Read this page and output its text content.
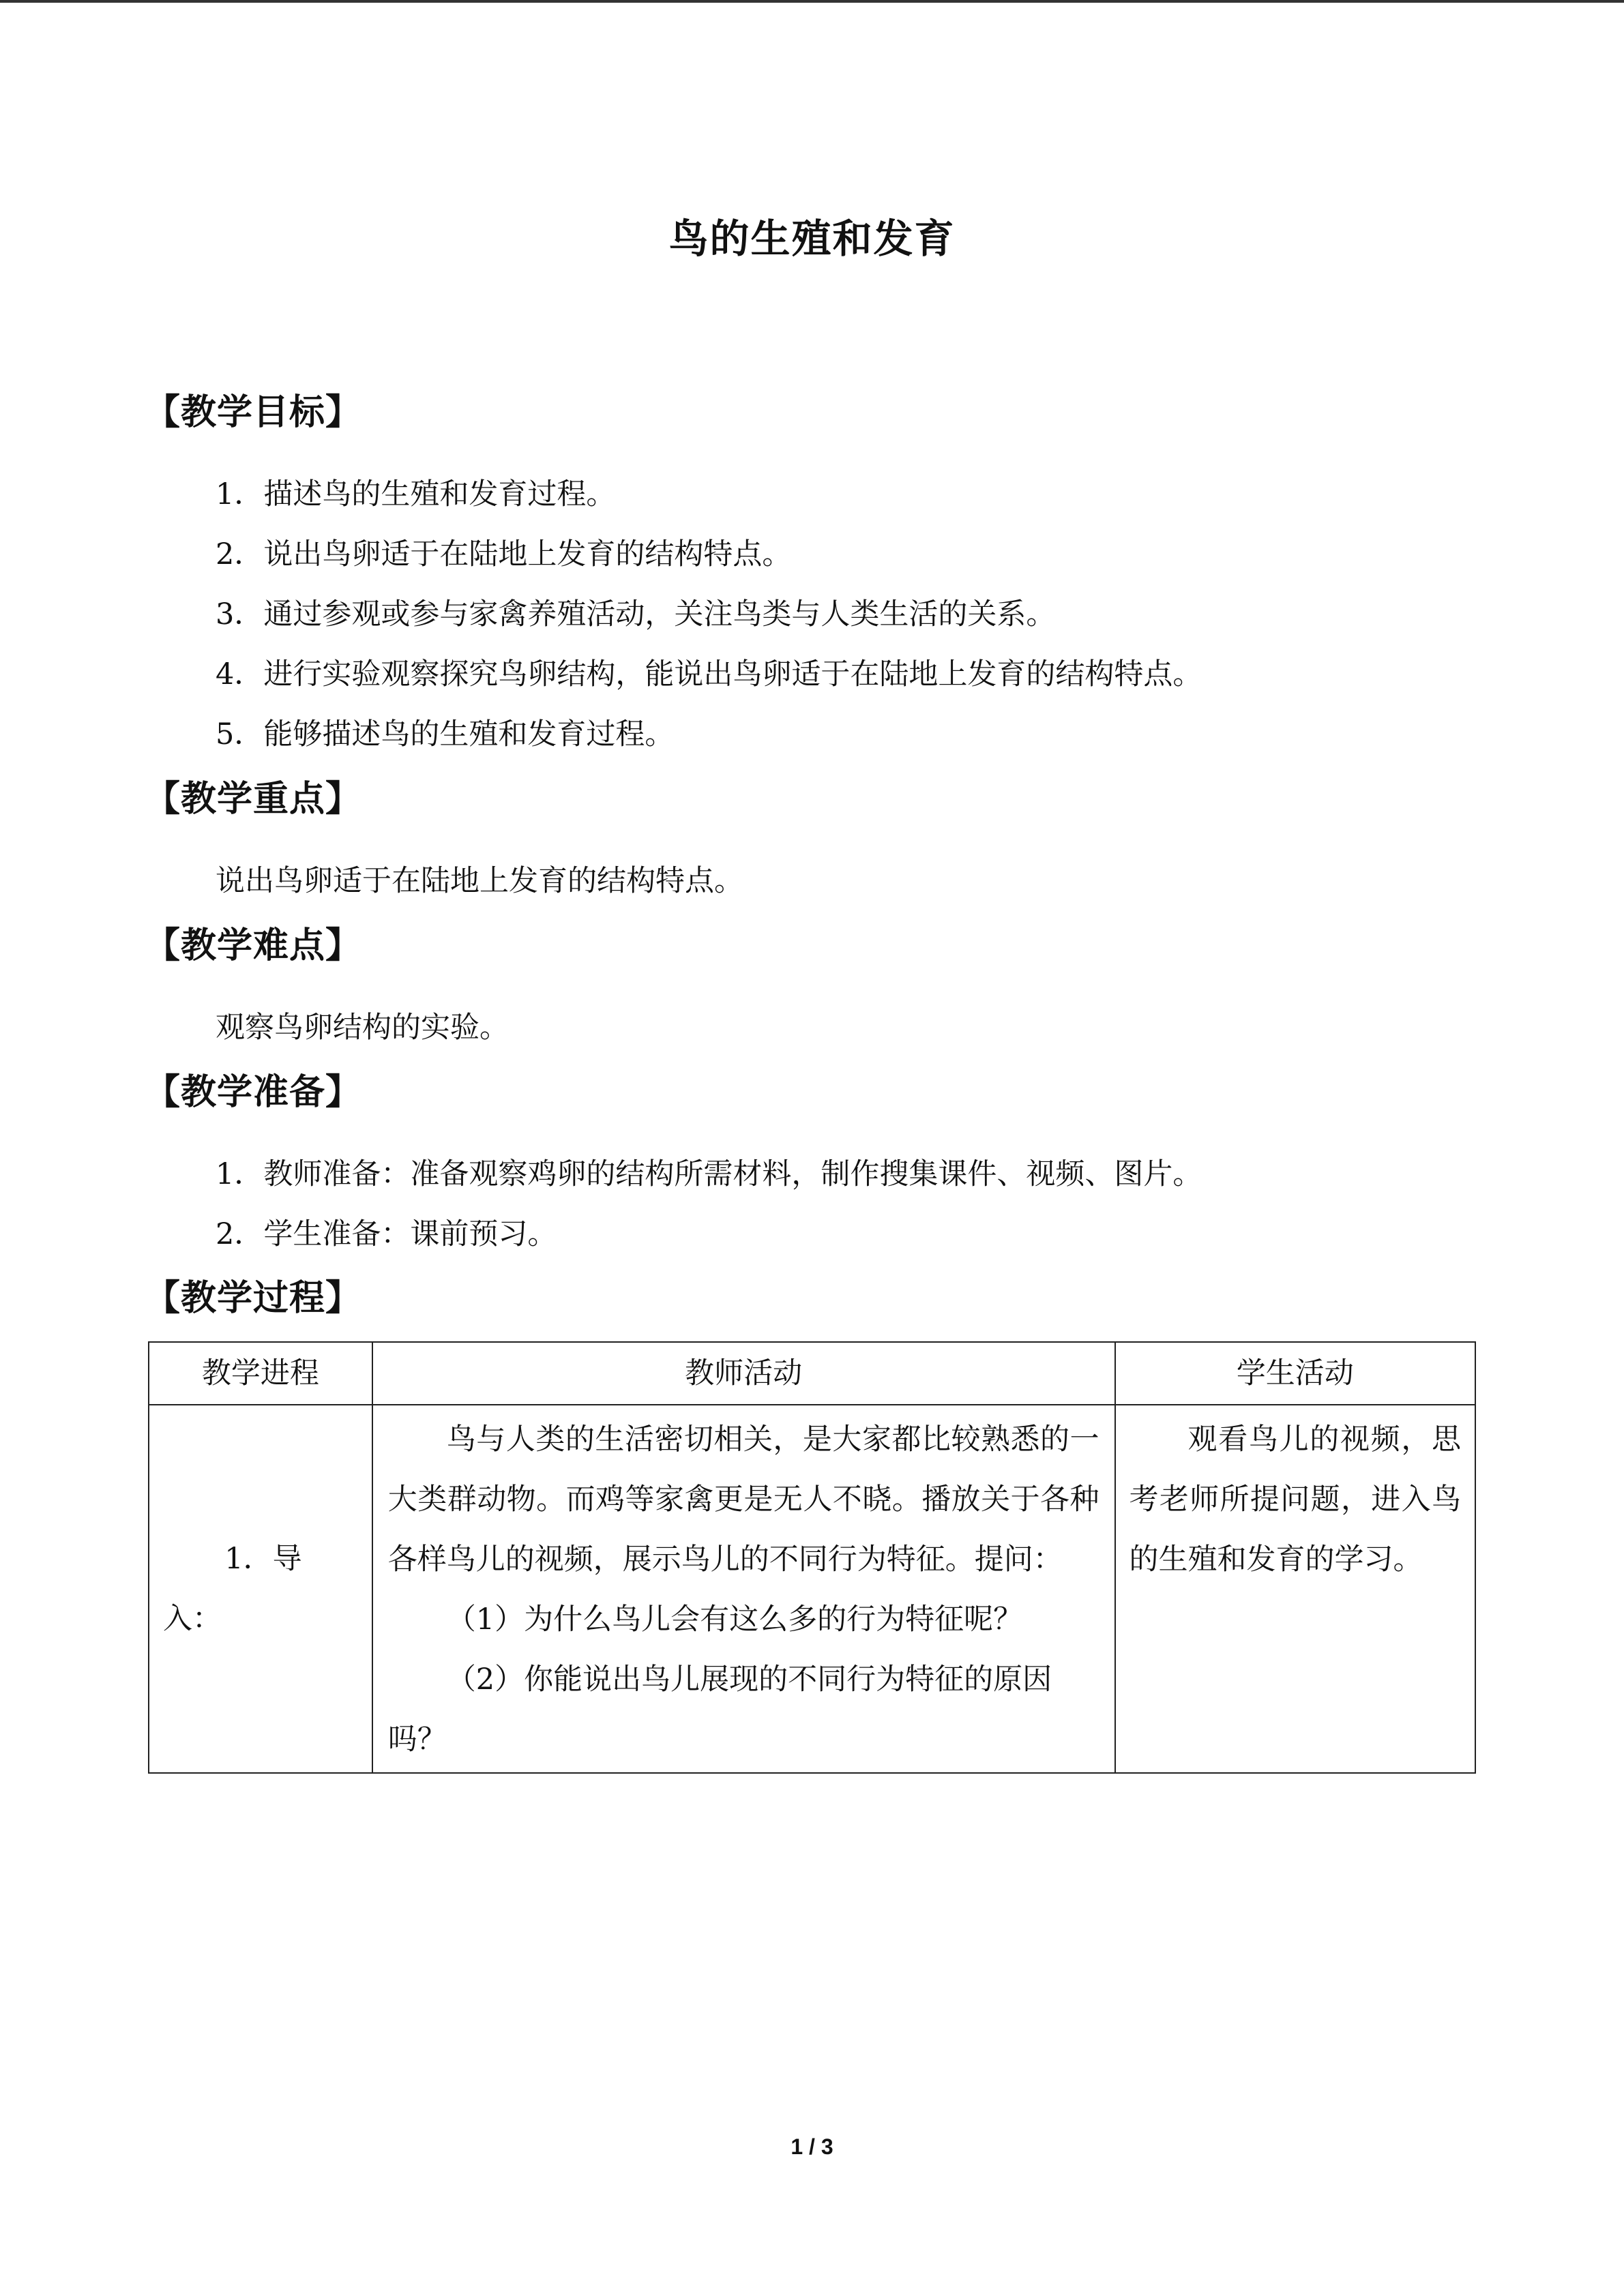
鸟的生殖和发育
【教学目标】
1．描述鸟的生殖和发育过程。
2．说出鸟卵适于在陆地上发育的结构特点。
3．通过参观或参与家禽养殖活动，关注鸟类与人类生活的关系。
4．进行实验观察探究鸟卵结构，能说出鸟卵适于在陆地上发育的结构特点。
5．能够描述鸟的生殖和发育过程。
【教学重点】
说出鸟卵适于在陆地上发育的结构特点。
【教学难点】
观察鸟卵结构的实验。
【教学准备】
1．教师准备：准备观察鸡卵的结构所需材料，制作搜集课件、视频、图片。
2．学生准备：课前预习。
【教学过程】
教学进程	教师活动	学生活动

1．导入：	鸟与人类的生活密切相关，是大家都比较熟悉的一大类群动物。而鸡等家禽更是无人不晓。播放关于各种各样鸟儿的视频，展示鸟儿的不同行为特征。提问：

（1）为什么鸟儿会有这么多的行为特征呢？

（2）你能说出鸟儿展现的不同行为特征的原因吗？	观看鸟儿的视频，思考老师所提问题，进入鸟的生殖和发育的学习。

1 / 3
